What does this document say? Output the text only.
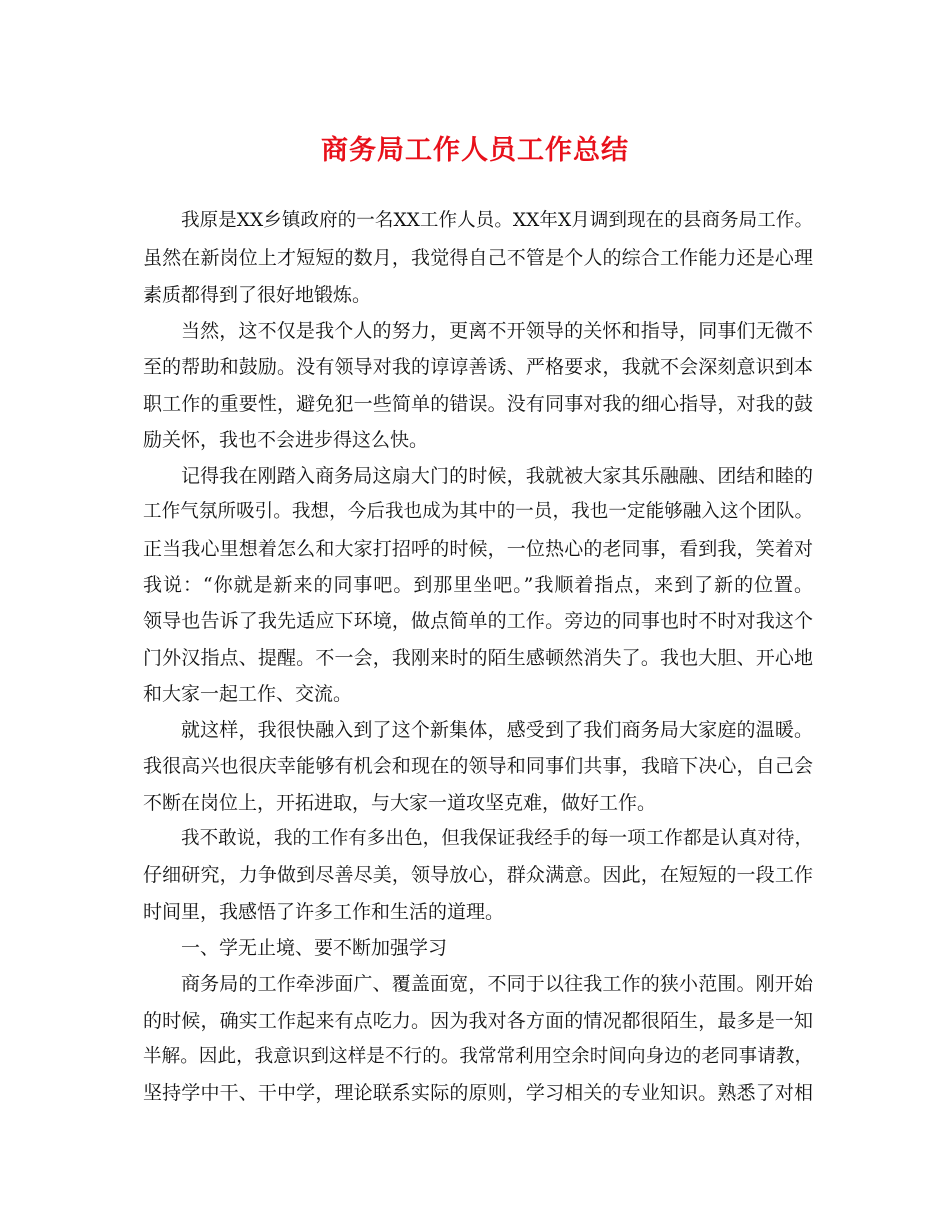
商务局工作人员工作总结
我原是XX乡镇政府的一名XX工作人员。XX年X月调到现在的县商务局工作。
虽然在新岗位上才短短的数月，我觉得自己不管是个人的综合工作能力还是心理
素质都得到了很好地锻炼。
当然，这不仅是我个人的努力，更离不开领导的关怀和指导，同事们无微不
至的帮助和鼓励。没有领导对我的谆谆善诱、严格要求，我就不会深刻意识到本
职工作的重要性，避免犯一些简单的错误。没有同事对我的细心指导，对我的鼓
励关怀，我也不会进步得这么快。
记得我在刚踏入商务局这扇大门的时候，我就被大家其乐融融、团结和睦的
工作气氛所吸引。我想，今后我也成为其中的一员，我也一定能够融入这个团队。
正当我心里想着怎么和大家打招呼的时候，一位热心的老同事，看到我，笑着对
我说：“你就是新来的同事吧。到那里坐吧。”我顺着指点，来到了新的位置。
领导也告诉了我先适应下环境，做点简单的工作。旁边的同事也时不时对我这个
门外汉指点、提醒。不一会，我刚来时的陌生感顿然消失了。我也大胆、开心地
和大家一起工作、交流。
就这样，我很快融入到了这个新集体，感受到了我们商务局大家庭的温暖。
我很高兴也很庆幸能够有机会和现在的领导和同事们共事，我暗下决心，自己会
不断在岗位上，开拓进取，与大家一道攻坚克难，做好工作。
我不敢说，我的工作有多出色，但我保证我经手的每一项工作都是认真对待，
仔细研究，力争做到尽善尽美，领导放心，群众满意。因此，在短短的一段工作
时间里，我感悟了许多工作和生活的道理。
一、学无止境、要不断加强学习
商务局的工作牵涉面广、覆盖面宽，不同于以往我工作的狭小范围。刚开始
的时候，确实工作起来有点吃力。因为我对各方面的情况都很陌生，最多是一知
半解。因此，我意识到这样是不行的。我常常利用空余时间向身边的老同事请教，
坚持学中干、干中学，理论联系实际的原则，学习相关的专业知识。熟悉了对相
